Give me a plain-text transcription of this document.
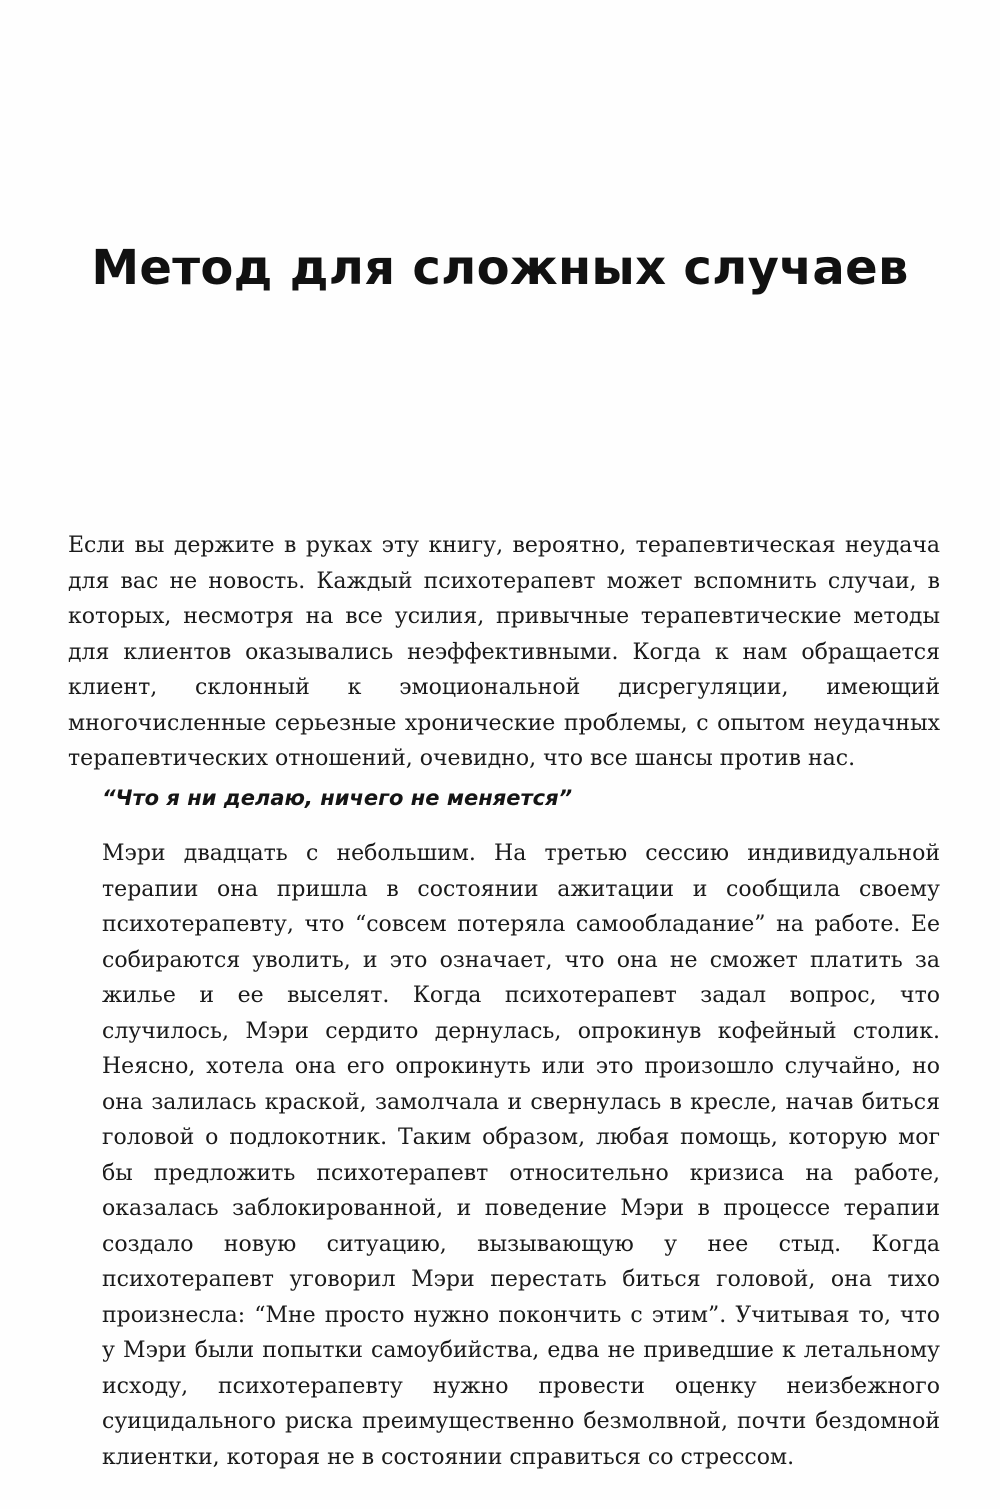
Метод для сложных случаев

Если вы держите в руках эту книгу, вероятно, терапевтическая неудача для вас не новость. Каждый психотерапевт может вспомнить случаи, в которых, несмотря на все усилия, привычные терапевтические методы для клиентов оказывались неэффективными. Когда к нам обращается клиент, склонный к эмоциональной дисрегуляции, имеющий многочисленные серьезные хронические проблемы, с опытом неудачных терапевтических отношений, очевидно, что все шансы против нас.

“Что я ни делаю, ничего не меняется”

Мэри двадцать с небольшим. На третью сессию индивидуальной терапии она пришла в состоянии ажитации и сообщила своему психотерапевту, что “совсем потеряла самообладание” на работе. Ее собираются уволить, и это означает, что она не сможет платить за жилье и ее выселят. Когда психотерапевт задал вопрос, что случилось, Мэри сердито дернулась, опрокинув кофейный столик. Неясно, хотела она его опрокинуть или это произошло случайно, но она залилась краской, замолчала и свернулась в кресле, начав биться головой о подлокотник. Таким образом, любая помощь, которую мог бы предложить психотерапевт относительно кризиса на работе, оказалась заблокированной, и поведение Мэри в процессе терапии создало новую ситуацию, вызывающую у нее стыд. Когда психотерапевт уговорил Мэри перестать биться головой, она тихо произнесла: “Мне просто нужно покончить с этим”. Учитывая то, что у Мэри были попытки самоубийства, едва не приведшие к летальному исходу, психотерапевту нужно провести оценку неизбежного суицидального риска преимущественно безмолвной, почти бездомной клиентки, которая не в состоянии справиться со стрессом.
